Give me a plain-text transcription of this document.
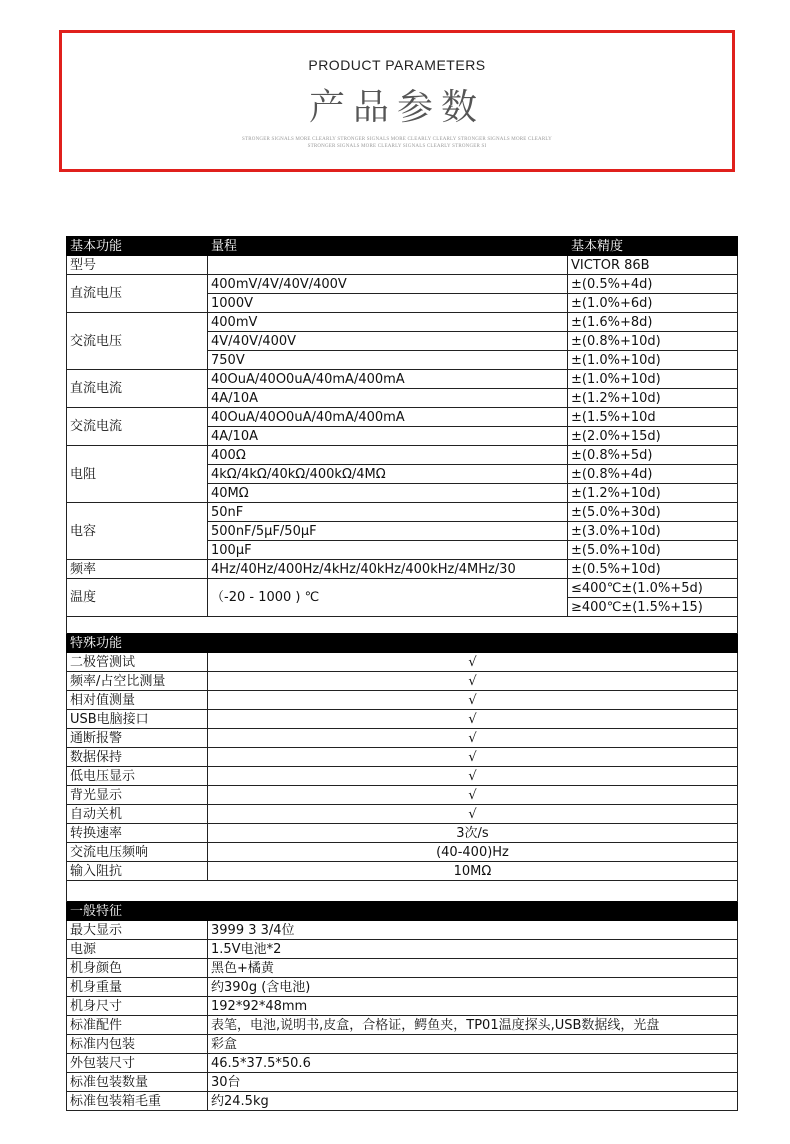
PRODUCT PARAMETERS
产品参数
STRONGER SIGNALS MORE CLEARLY STRONGER SIGNALS MORE CLEARLY CLEARLY STRONGER SIGNALS MORE CLEARLY
STRONGER SIGNALS MORE CLEARLY SIGNALS CLEARLY STRONGER SI
基本功能	量程	基本精度
型号		VICTOR 86B
直流电压	400mV/4V/40V/400V	±(0.5%+4d)
	1000V	±(1.0%+6d)
交流电压	400mV	±(1.6%+8d)
	4V/40V/400V	±(0.8%+10d)
	750V	±(1.0%+10d)
直流电流	40OuA/40O0uA/40mA/400mA	±(1.0%+10d)
	4A/10A	±(1.2%+10d)
交流电流	40OuA/40O0uA/40mA/400mA	±(1.5%+10d
	4A/10A	±(2.0%+15d)
电阻	400Ω	±(0.8%+5d)
	4kΩ/4kΩ/40kΩ/400kΩ/4MΩ	±(0.8%+4d)
	40MΩ	±(1.2%+10d)
电容	50nF	±(5.0%+30d)
	500nF/5μF/50μF	±(3.0%+10d)
	100μF	±(5.0%+10d)
频率	4Hz/40Hz/400Hz/4kHz/40kHz/400kHz/4MHz/30	±(0.5%+10d)
温度	（-20 - 1000 ) ℃	≤400℃±(1.0%+5d)
		≥400℃±(1.5%+15)

特殊功能		
二极管测试	√	
频率/占空比测量	√	
相对值测量	√	
USB电脑接口	√	
通断报警	√	
数据保持	√	
低电压显示	√	
背光显示	√	
自动关机	√	
转换速率	3次/s	
交流电压频响	(40-400)Hz	
输入阻抗	10MΩ	

一般特征		
最大显示	3999 3 3/4位	
电源	1.5V电池*2	
机身颜色	黑色+橘黄	
机身重量	约390g (含电池)	
机身尺寸	192*92*48mm	
标准配件	表笔，电池,说明书,皮盒，合格证，鳄鱼夹，TP01温度探头,USB数据线，光盘	
标准内包装	彩盒	
外包装尺寸	46.5*37.5*50.6	
标准包装数量	30台	
标准包装箱毛重	约24.5kg	
